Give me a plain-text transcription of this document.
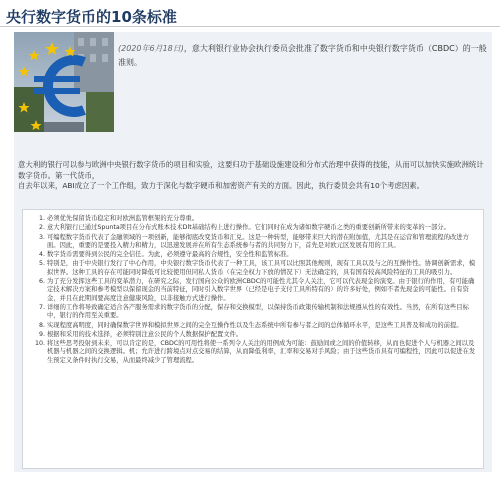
央行数字货币的10条标准
(2020年6月18日)，意大利银行业协会执行委员会批准了数字货币和中央银行数字货币（CBDC）的一般准则。

意大利的银行可以参与欧洲中央银行数字货币的项目和实验，这要归功于基础设施建设和分布式治理中获得的技能，从而可以加快实施欧洲统计数字货币。第一代货币，

自去年以来，ABI成立了一个工作组，致力于深化与数字硬币和加密资产有关的方面。因此，执行委员会共有10个考虑因素。

1. 必须优先保留货币稳定和对欧洲监管框架的充分尊重。
2. 意大利银行已通过Spunta项目在分布式账本技术Dlt基础结构上进行操作。它们同时在成为诸如数字硬币之类的重要创新所带来的变革的一部分。
3. 可编程数字货币代表了金融领域的一项创新，能够彻底改变货币和汇兑。这是一种转型，能够带来巨大的潜在附加值，尤其是在运营和管理流程的改进方面。因此，重要的是要投入精力和精力，以迅速发展并在所有生态系统参与者的共同努力下，首先是对欧元区发展有用的工具。
4. 数字货币需要得到公民的完全信任。为此，必须遵守最高的合规性，安全性和监管标准。
5. 特别是，由于中央银行发行了中心作用，中央银行数字货币代表了一种工具，该工具可以比照其他规则，现有工具以及与之的互操作性。协调创新需求，模拟世界。这种工具的存在可能同时降低可比较使用但同私人货币（在完全权力下放的情况下）无法确定的，具有国有较高风险特征的工具的吸引力。
6. 为了充分发挥这些工具的变革潜力，在研究之际，发行国向公众的欧洲CBDC的可能性尤其令人关注，它可以代表现金的演变。由于银行的作用，有可能确定技术解决方案和参考模型以保留现金的当前特征，同时引入数字世界（已经是电子支付工具所特有的）的许多好处，例如不者先现金的可能性。自有资金，并且在此期间要高度注意健康风险，以非接触方式进行操作。
7. 详细的工作将导致确定适合各产服务需求的数字货币的分配，保存和交换模型，以保持货币政策传输机制和法规遵从性的有效性。当然，在所有这些目标中，银行的作用至关重要。
8. 实现程度高明度，同时确保数字世界和模拟世界之间的完全互操作性以及生态系统中所有参与者之间的总体循环水平，是这些工具普及和成功的前提。
9. 根据和采用的技术选择，必须特别注意公民的个人数据保护配置文件。
10. 将这些思考投射到未来，可以肯定的是，CBDC的可用性将使一系列令人关注的用例成为可能：鼓励间或之间的价值转移，从而也促进个人与机器之间以及机器与机器之间的交换逻辑。机；允许进行跨境点对点交易的结算，从而降低利率，汇率和交易对手风险；由于这些货币具有可编程性，因此可以促进在发生预定义条件时执行交易，从而最终减少了管理流程。
